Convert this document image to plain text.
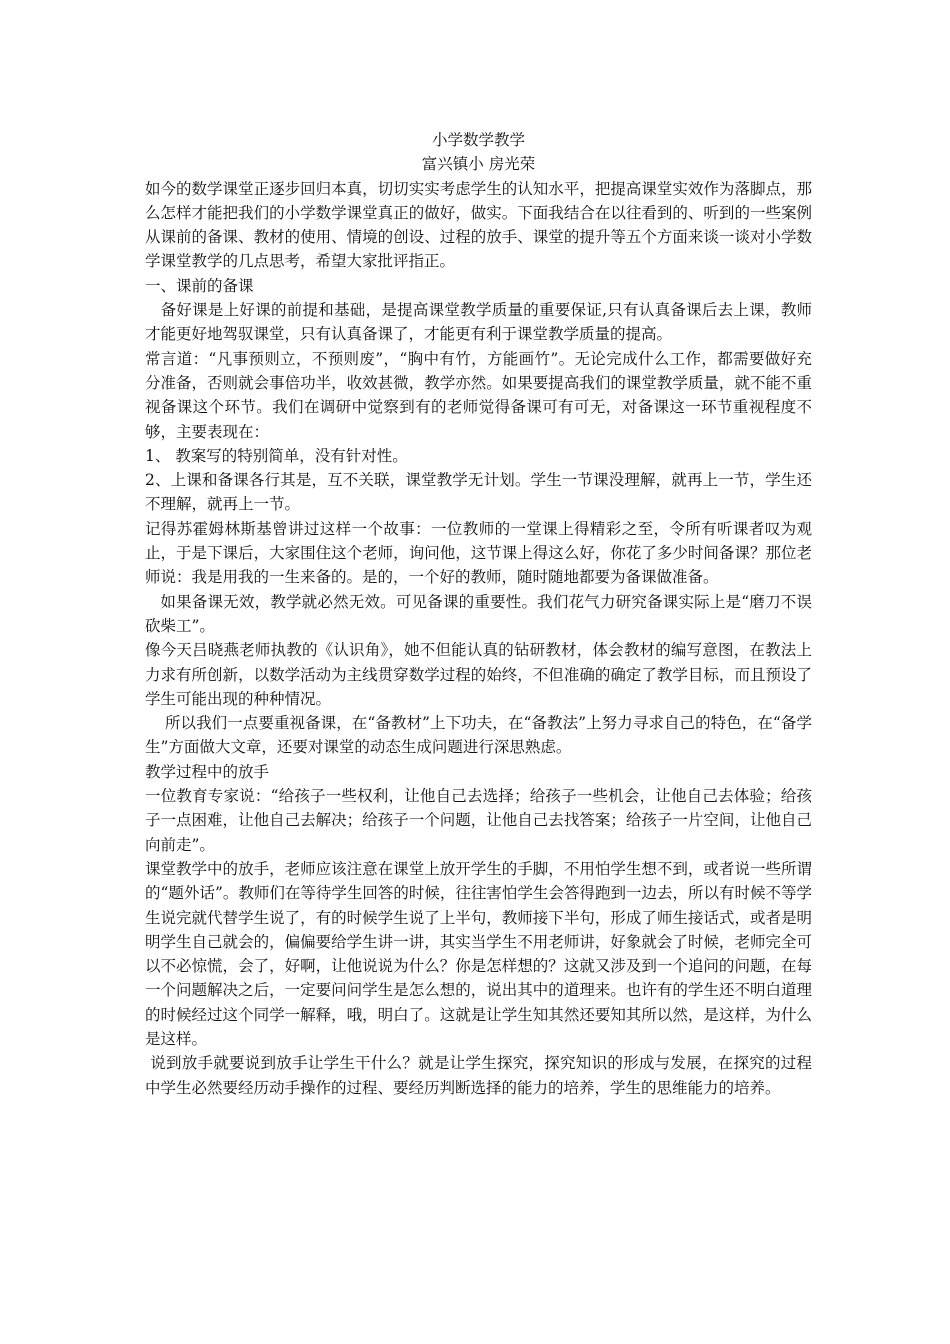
小学数学教学
富兴镇小 房光荣

如今的数学课堂正逐步回归本真，切切实实考虑学生的认知水平，把提高课堂实效作为落脚点，那么怎样才能把我们的小学数学课堂真正的做好，做实。下面我结合在以往看到的、听到的一些案例从课前的备课、教材的使用、情境的创设、过程的放手、课堂的提升等五个方面来谈一谈对小学数学课堂教学的几点思考，希望大家批评指正。

一、课前的备课

备好课是上好课的前提和基础，是提高课堂教学质量的重要保证,只有认真备课后去上课，教师才能更好地驾驭课堂，只有认真备课了，才能更有利于课堂教学质量的提高。

常言道：“凡事预则立，不预则废”，“胸中有竹，方能画竹”。无论完成什么工作，都需要做好充分准备，否则就会事倍功半，收效甚微，教学亦然。如果要提高我们的课堂教学质量，就不能不重视备课这个环节。我们在调研中觉察到有的老师觉得备课可有可无，对备课这一环节重视程度不够，主要表现在：

1、 教案写的特别简单，没有针对性。

2、上课和备课各行其是，互不关联，课堂教学无计划。学生一节课没理解，就再上一节，学生还不理解，就再上一节。

记得苏霍姆林斯基曾讲过这样一个故事：一位教师的一堂课上得精彩之至，令所有听课者叹为观止，于是下课后，大家围住这个老师，询问他，这节课上得这么好，你花了多少时间备课？那位老师说：我是用我的一生来备的。是的，一个好的教师，随时随地都要为备课做准备。

如果备课无效，教学就必然无效。可见备课的重要性。我们花气力研究备课实际上是“磨刀不误砍柴工”。

像今天吕晓燕老师执教的《认识角》，她不但能认真的钻研教材，体会教材的编写意图，在教法上力求有所创新，以数学活动为主线贯穿数学过程的始终，不但准确的确定了教学目标，而且预设了学生可能出现的种种情况。

所以我们一点要重视备课，在“备教材”上下功夫，在“备教法”上努力寻求自己的特色，在“备学生”方面做大文章，还要对课堂的动态生成问题进行深思熟虑。

教学过程中的放手

一位教育专家说：“给孩子一些权利，让他自己去选择；给孩子一些机会，让他自己去体验；给孩子一点困难，让他自己去解决；给孩子一个问题，让他自己去找答案；给孩子一片空间，让他自己向前走”。

课堂教学中的放手，老师应该注意在课堂上放开学生的手脚，不用怕学生想不到，或者说一些所谓的“题外话”。教师们在等待学生回答的时候，往往害怕学生会答得跑到一边去，所以有时候不等学生说完就代替学生说了，有的时候学生说了上半句，教师接下半句，形成了师生接话式，或者是明明学生自己就会的，偏偏要给学生讲一讲，其实当学生不用老师讲，好象就会了时候，老师完全可以不必惊慌，会了，好啊，让他说说为什么？你是怎样想的？这就又涉及到一个追问的问题，在每一个问题解决之后，一定要问问学生是怎么想的，说出其中的道理来。也许有的学生还不明白道理的时候经过这个同学一解释，哦，明白了。这就是让学生知其然还要知其所以然，是这样，为什么是这样。

说到放手就要说到放手让学生干什么？就是让学生探究，探究知识的形成与发展，在探究的过程中学生必然要经历动手操作的过程、要经历判断选择的能力的培养，学生的思维能力的培养。
